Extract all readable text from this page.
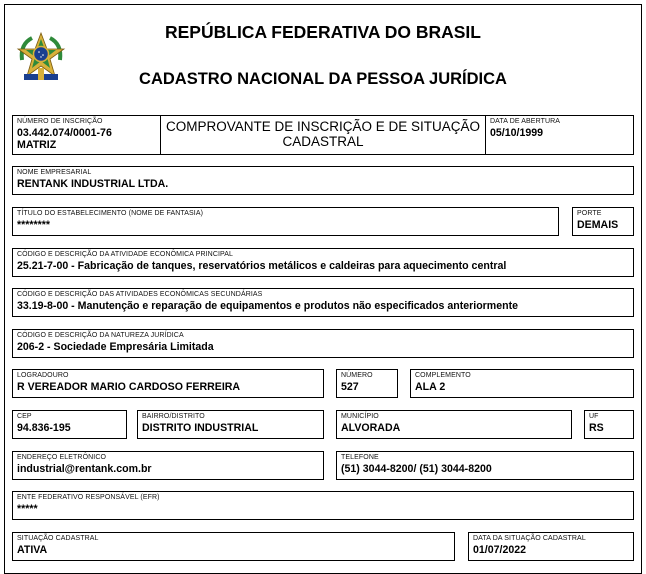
REPÚBLICA FEDERATIVA DO BRASIL
CADASTRO NACIONAL DA PESSOA JURÍDICA
NÚMERO DE INSCRIÇÃO
03.442.074/0001-76
MATRIZ
COMPROVANTE DE INSCRIÇÃO E DE SITUAÇÃO
CADASTRAL
DATA DE ABERTURA
05/10/1999
NOME EMPRESARIAL
RENTANK INDUSTRIAL LTDA.
TÍTULO DO ESTABELECIMENTO (NOME DE FANTASIA)
********
PORTE
DEMAIS
CÓDIGO E DESCRIÇÃO DA ATIVIDADE ECONÔMICA PRINCIPAL
25.21-7-00 - Fabricação de tanques, reservatórios metálicos e caldeiras para aquecimento central
CÓDIGO E DESCRIÇÃO DAS ATIVIDADES ECONÔMICAS SECUNDÁRIAS
33.19-8-00 - Manutenção e reparação de equipamentos e produtos não especificados anteriormente
CÓDIGO E DESCRIÇÃO DA NATUREZA JURÍDICA
206-2 - Sociedade Empresária Limitada
LOGRADOURO
R VEREADOR MARIO CARDOSO FERREIRA
NÚMERO
527
COMPLEMENTO
ALA 2
CEP
94.836-195
BAIRRO/DISTRITO
DISTRITO INDUSTRIAL
MUNICÍPIO
ALVORADA
UF
RS
ENDEREÇO ELETRÔNICO
industrial@rentank.com.br
TELEFONE
(51) 3044-8200/ (51) 3044-8200
ENTE FEDERATIVO RESPONSÁVEL (EFR)
*****
SITUAÇÃO CADASTRAL
ATIVA
DATA DA SITUAÇÃO CADASTRAL
01/07/2022
